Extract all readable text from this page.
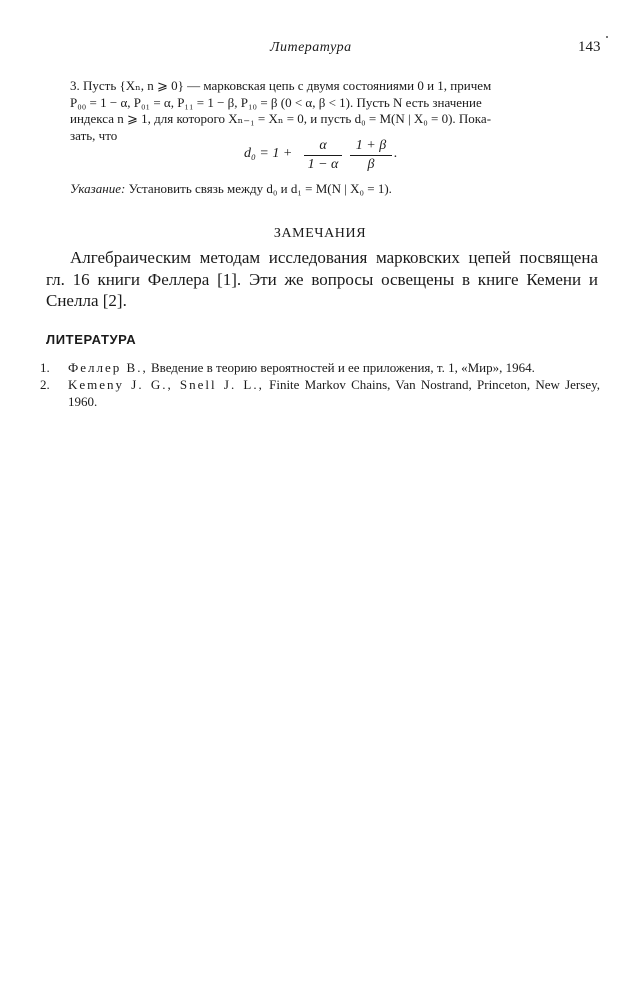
Литература	143

3. Пусть {Xₙ, n ⩾ 0} — марковская цепь с двумя состояниями 0 и 1, причем

P₀₀ = 1 − α, P₀₁ = α, P₁₁ = 1 − β, P₁₀ = β (0 < α, β < 1). Пусть N есть значение

индекса n ⩾ 1, для которого Xₙ₋₁ = Xₙ = 0, и пусть d₀ = M(N | X₀ = 0). Пока-

зать, что

d₀ = 1 +
α
1 − α
1 + β
β
.
Указание: Установить связь между d₀ и d₁ = M(N | X₀ = 1).
ЗАМЕЧАНИЯ
Алгебраическим методам исследования марковских цепей посвящена гл. 16 книги Феллера [1]. Эти же вопросы освещены в книге Кемени и Снелла [2].
ЛИТЕРАТУРА
1. Феллер В., Введение в теорию вероятностей и ее приложения, т. 1, «Мир», 1964.
2. Kemeny J. G., Snell J. L., Finite Markov Chains, Van Nostrand, Princeton, New Jersey, 1960.
